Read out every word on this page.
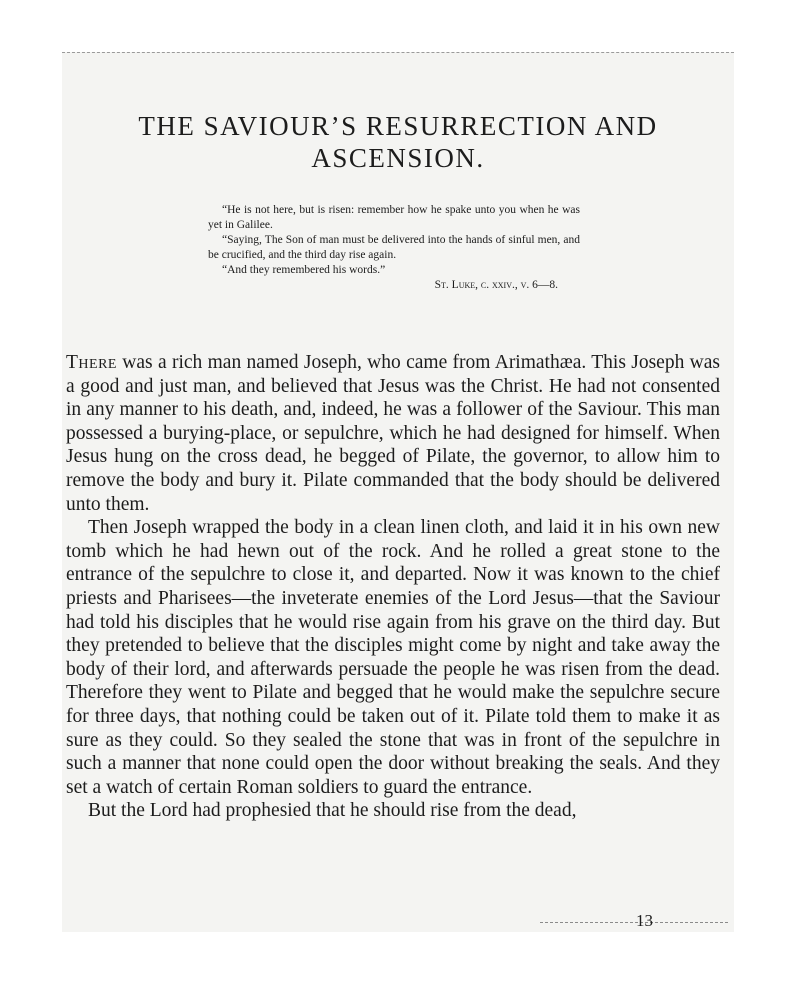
THE SAVIOUR’S RESURRECTION AND
ASCENSION.

“He is not here, but is risen: remember how he spake unto you when he was yet in Galilee.

“Saying, The Son of man must be delivered into the hands of sinful men, and be crucified, and the third day rise again.

“And they remembered his words.”

St. Luke, c. xxiv., v. 6—8.

There was a rich man named Joseph, who came from Arimathæa. This Joseph was a good and just man, and believed that Jesus was the Christ. He had not consented in any manner to his death, and, indeed, he was a follower of the Saviour. This man possessed a burying-place, or sepulchre, which he had designed for himself. When Jesus hung on the cross dead, he begged of Pilate, the governor, to allow him to remove the body and bury it. Pilate commanded that the body should be delivered unto them.

Then Joseph wrapped the body in a clean linen cloth, and laid it in his own new tomb which he had hewn out of the rock. And he rolled a great stone to the entrance of the sepulchre to close it, and departed. Now it was known to the chief priests and Pharisees—the inveterate enemies of the Lord Jesus—that the Saviour had told his disciples that he would rise again from his grave on the third day. But they pretended to believe that the disciples might come by night and take away the body of their lord, and afterwards persuade the people he was risen from the dead. Therefore they went to Pilate and begged that he would make the sepulchre secure for three days, that nothing could be taken out of it. Pilate told them to make it as sure as they could. So they sealed the stone that was in front of the sepulchre in such a manner that none could open the door without breaking the seals. And they set a watch of certain Roman soldiers to guard the entrance.

But the Lord had prophesied that he should rise from the dead,

13
